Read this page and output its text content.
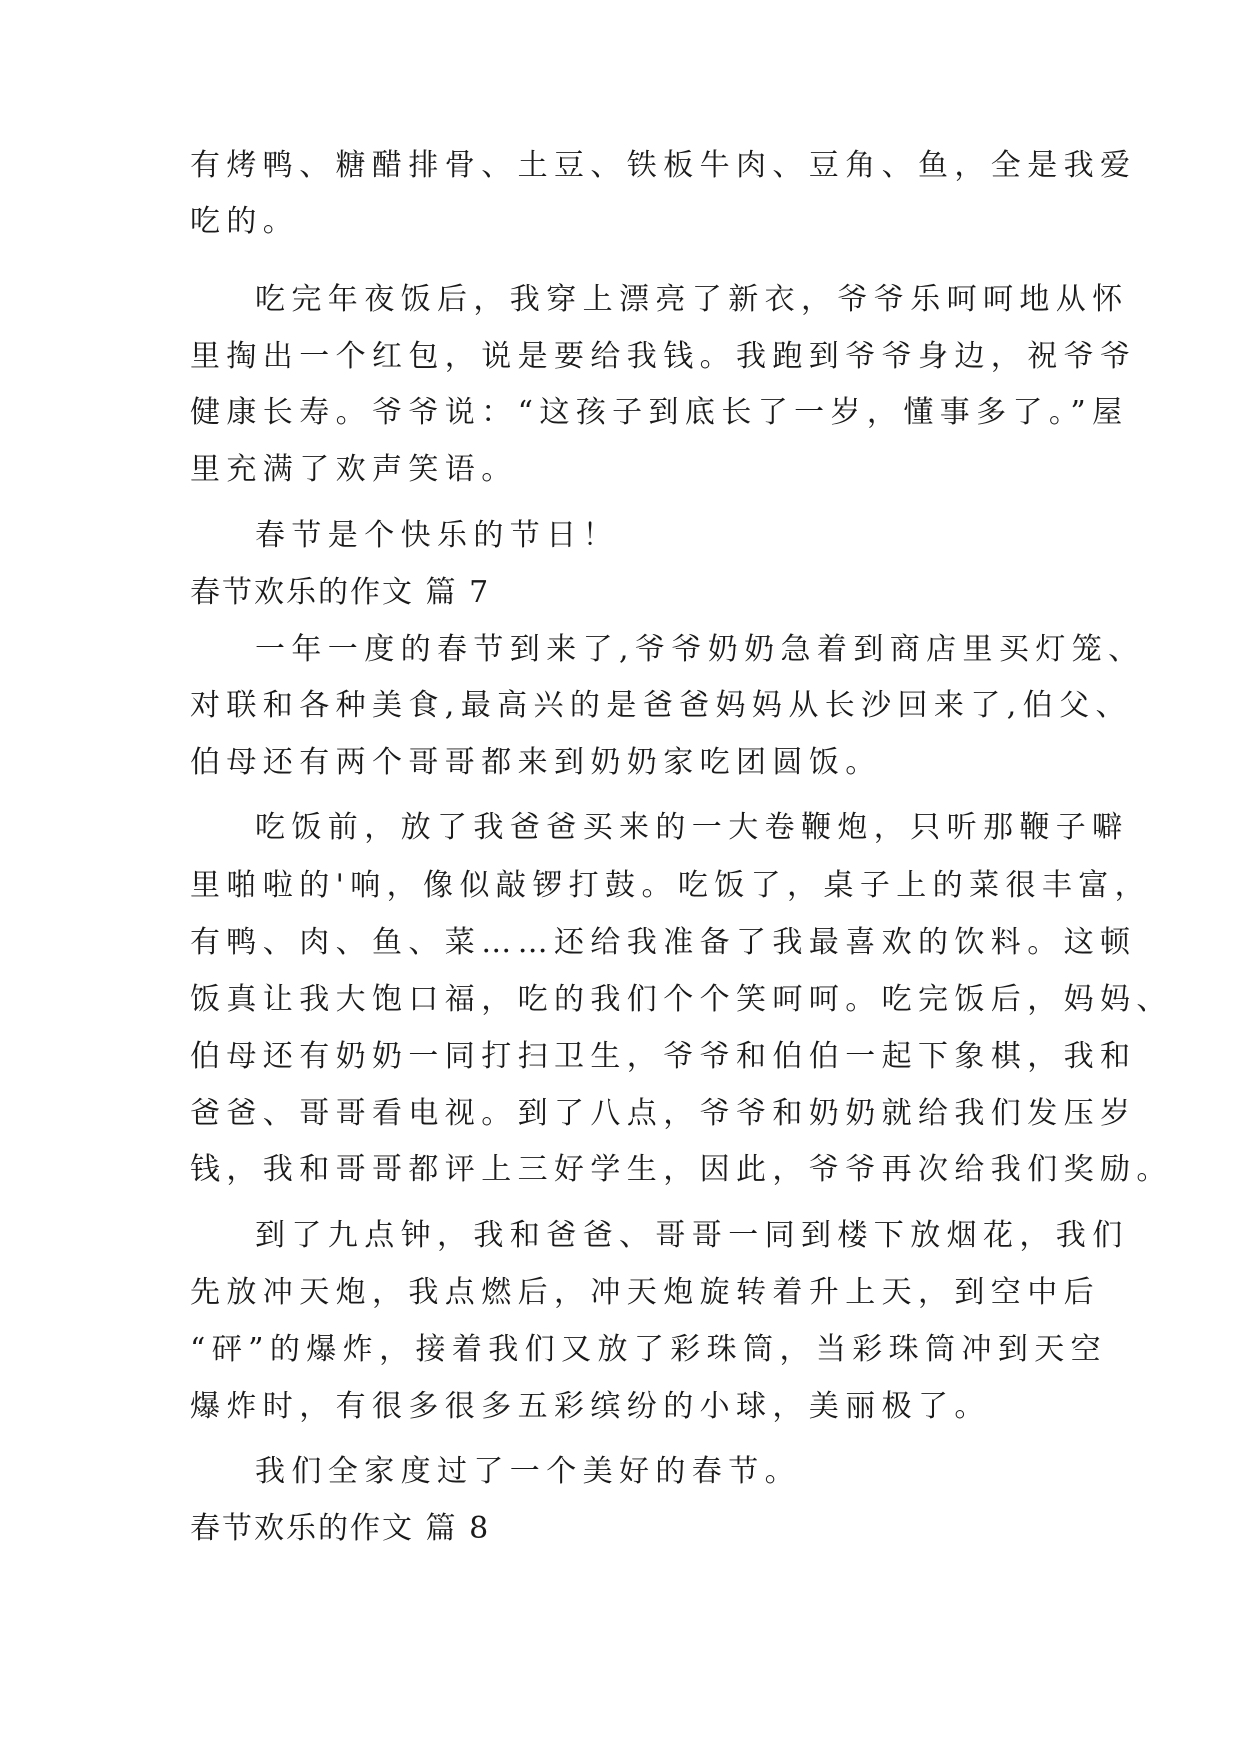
有烤鸭、糖醋排骨、土豆、铁板牛肉、豆角、鱼，全是我爱
吃的。
吃完年夜饭后，我穿上漂亮了新衣，爷爷乐呵呵地从怀
里掏出一个红包，说是要给我钱。我跑到爷爷身边，祝爷爷
健康长寿。爷爷说：“这孩子到底长了一岁，懂事多了。”屋
里充满了欢声笑语。
春节是个快乐的节日！
春节欢乐的作文 篇 7
一年一度的春节到来了,爷爷奶奶急着到商店里买灯笼、
对联和各种美食,最高兴的是爸爸妈妈从长沙回来了,伯父、
伯母还有两个哥哥都来到奶奶家吃团圆饭。
吃饭前，放了我爸爸买来的一大卷鞭炮，只听那鞭子噼
里啪啦的'响，像似敲锣打鼓。吃饭了，桌子上的菜很丰富，
有鸭、肉、鱼、菜……还给我准备了我最喜欢的饮料。这顿
饭真让我大饱口福，吃的我们个个笑呵呵。吃完饭后，妈妈、
伯母还有奶奶一同打扫卫生，爷爷和伯伯一起下象棋，我和
爸爸、哥哥看电视。到了八点，爷爷和奶奶就给我们发压岁
钱，我和哥哥都评上三好学生，因此，爷爷再次给我们奖励。
到了九点钟，我和爸爸、哥哥一同到楼下放烟花，我们
先放冲天炮，我点燃后，冲天炮旋转着升上天，到空中后
“砰”的爆炸，接着我们又放了彩珠筒，当彩珠筒冲到天空
爆炸时，有很多很多五彩缤纷的小球，美丽极了。
我们全家度过了一个美好的春节。
春节欢乐的作文 篇 8
